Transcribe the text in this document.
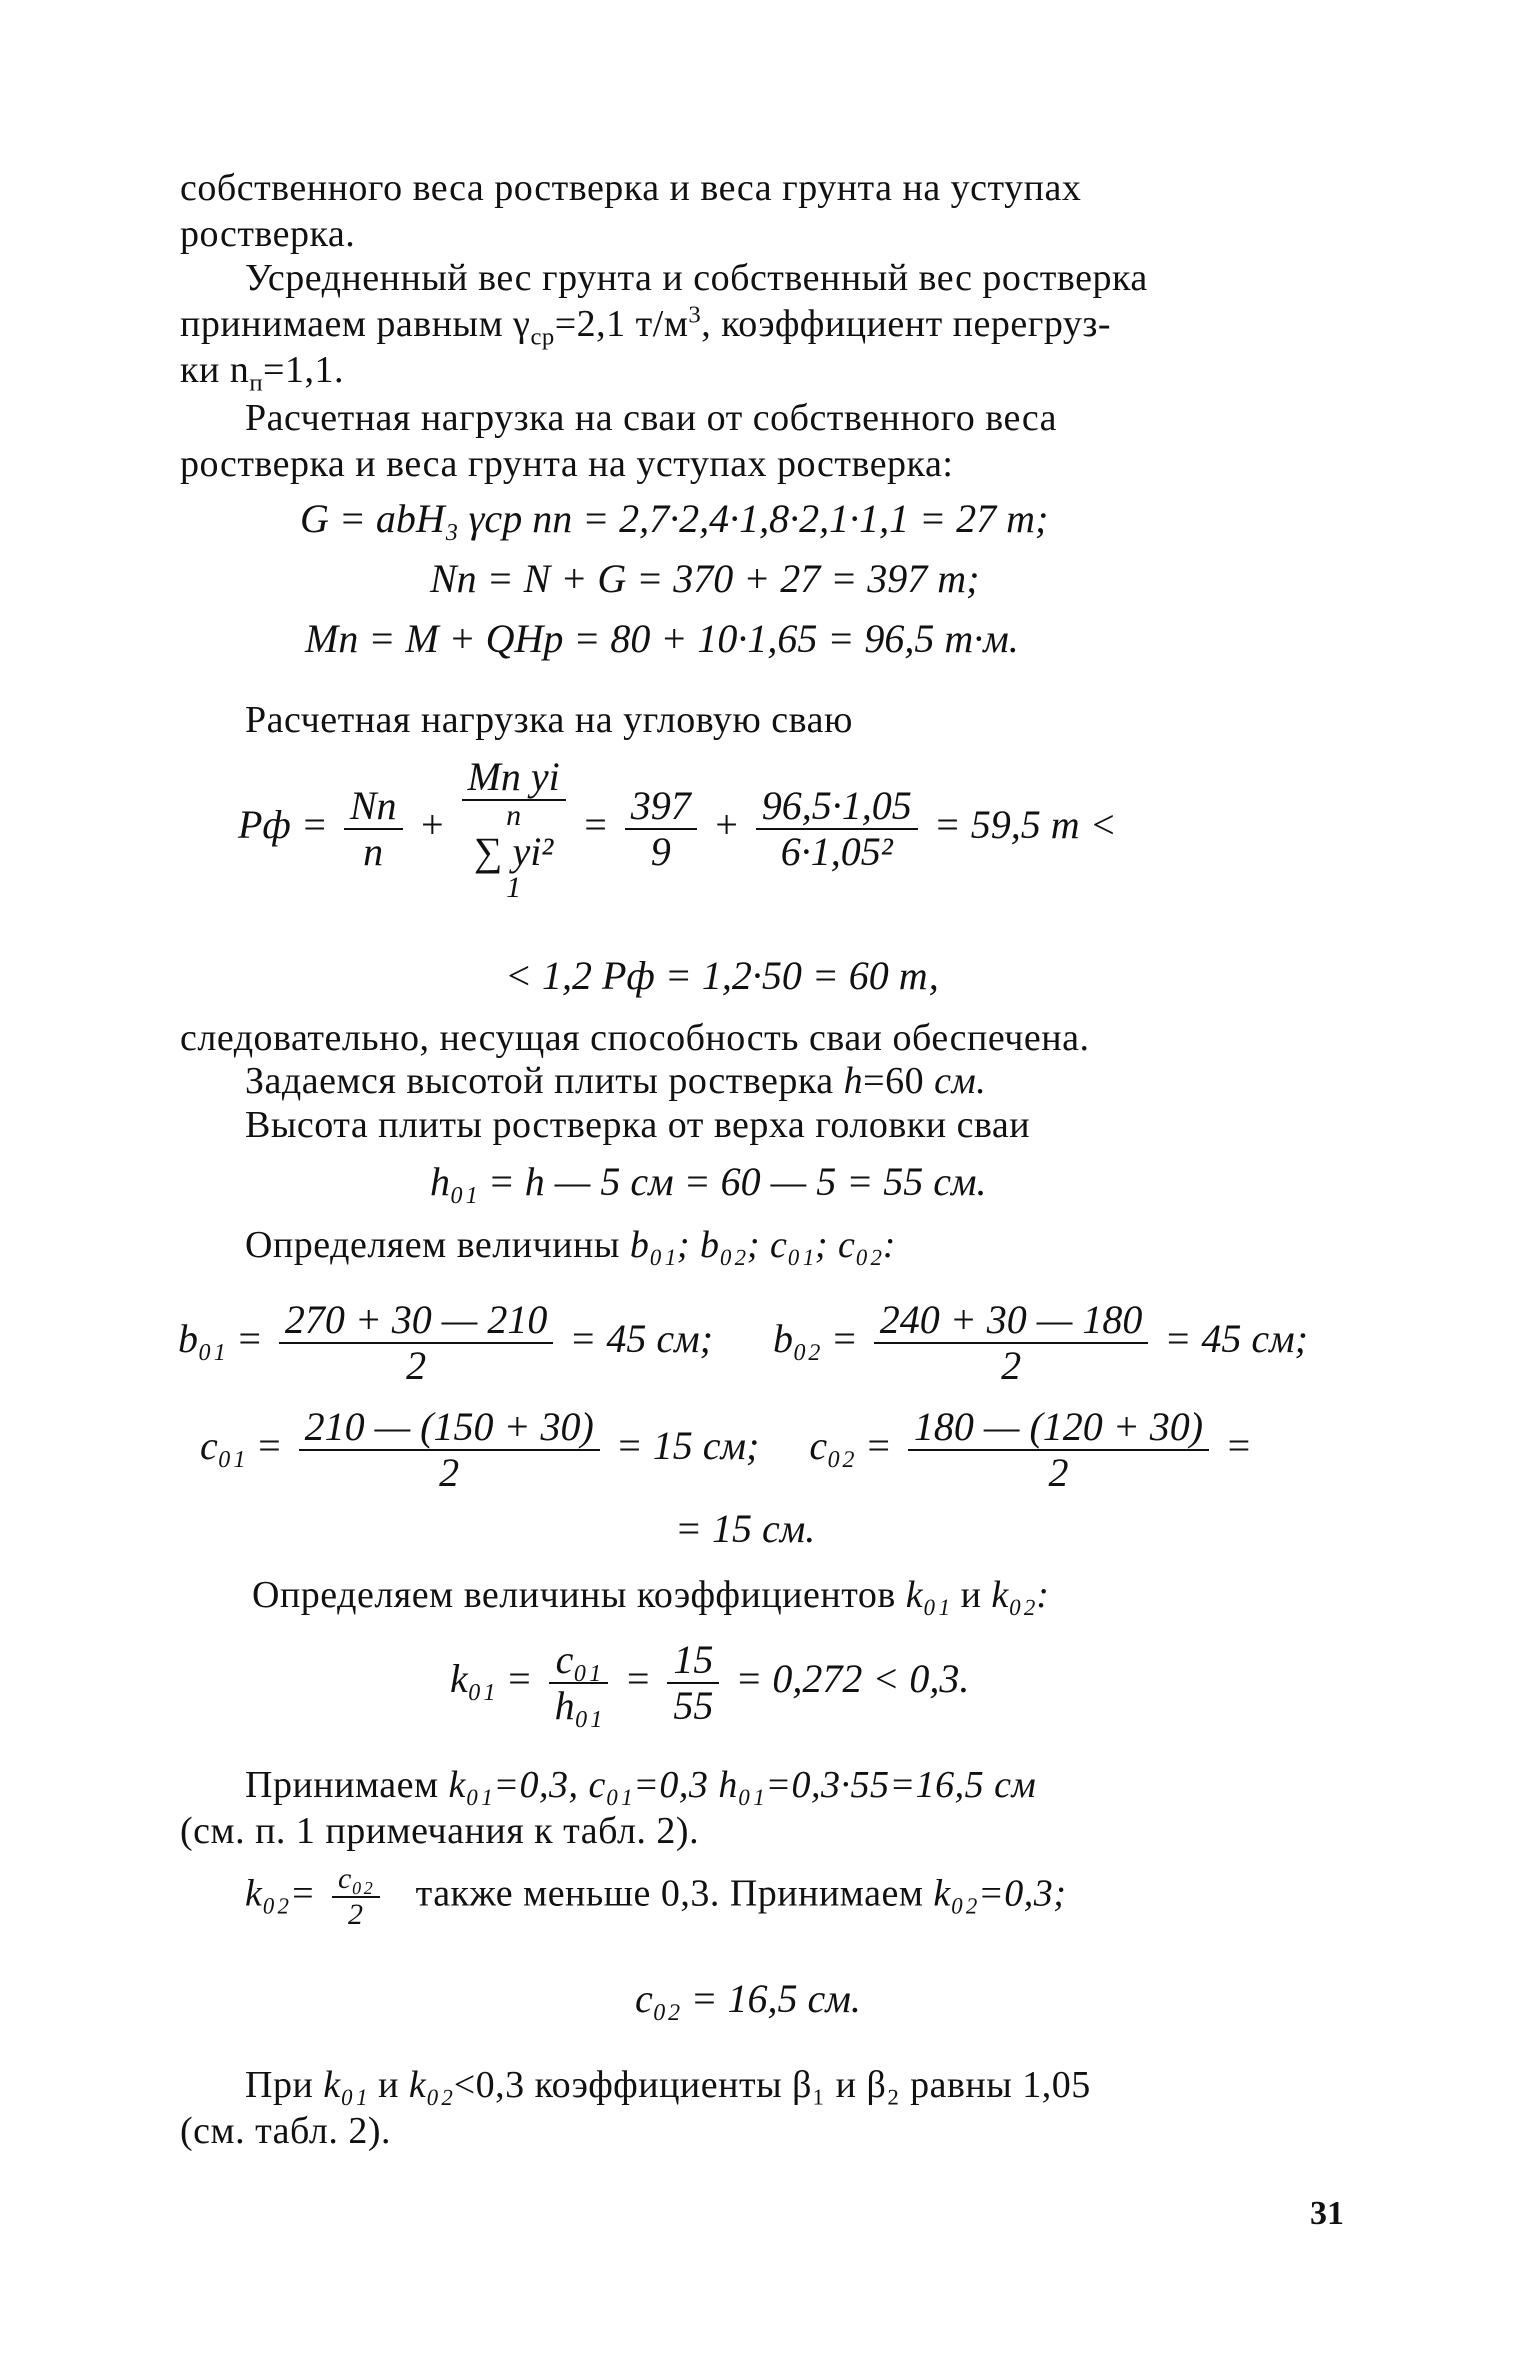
собственного веса ростверка и веса грунта на уступах
ростверка.
Усредненный вес грунта и собственный вес ростверка
принимаем равным $\gamma_{ср}=2,1$ $т/м^3$, коэффициент перегруз-
ки $n_п=1,1$.
Расчетная нагрузка на сваи от собственного веса
ростверка и веса грунта на уступах ростверка:
G = abH₃ γср nп = 2,7·2,4·1,8·2,1·1,1 = 27 т;
Nп = N + G = 370 + 27 = 397 т;
Mп = M + QHр = 80 + 10·1,65 = 96,5 т·м.
Расчетная нагрузка на угловую сваю
Pф = $\frac{Nп}{n}$ + Mп yi
n
∑ yi²
$1 = \frac{397}{9} + \frac{96,5\cdot 1,05}{\text{6·1,05²}} = 59,5$ т <
< 1,2 Pф = 1,2·50 = 60 т,
следовательно, несущая способность сваи обеспечена.
Задаемся высотой плиты ростверка h=60 см.
Высота плиты ростверка от верха головки сваи
h₀₁ = h — 5 см = 60 — 5 = 55 см.
Определяем величины b₀₁; b₀₂; c₀₁; c₀₂:
$b_{01} = \frac{270 + 30 — 210}{2} = 45$ см; $b_{02} = \frac{240 + 30 — 180}{2} = 45$ см;
$c_{01} = \frac{210 — (150 + 30)}{2} = 15$ см; $c_{02} = \frac{180 — (120 + 30)}{2}$ =
= 15 см.
Определяем величины коэффициентов k₀₁ и k₀₂:
$k_{01} = \frac{\text{c₀₁}}{\text{h₀₁}} = \frac{15}{55} = 0,272 < 0,3$.
Принимаем k₀₁=0,3, c₀₁=0,3 h₀₁=0,3·55=16,5 см
(см. п. 1 примечания к табл. 2).
$k_{02}= \frac{\text{c₀₂}}{2}$ также меньше 0,3. Принимаем k₀₂=0,3;
c₀₂ = 16,5 см.
При k₀₁ и k₀₂<0,3 коэффициенты β₁ и β₂ равны 1,05
(см. табл. 2).
31
